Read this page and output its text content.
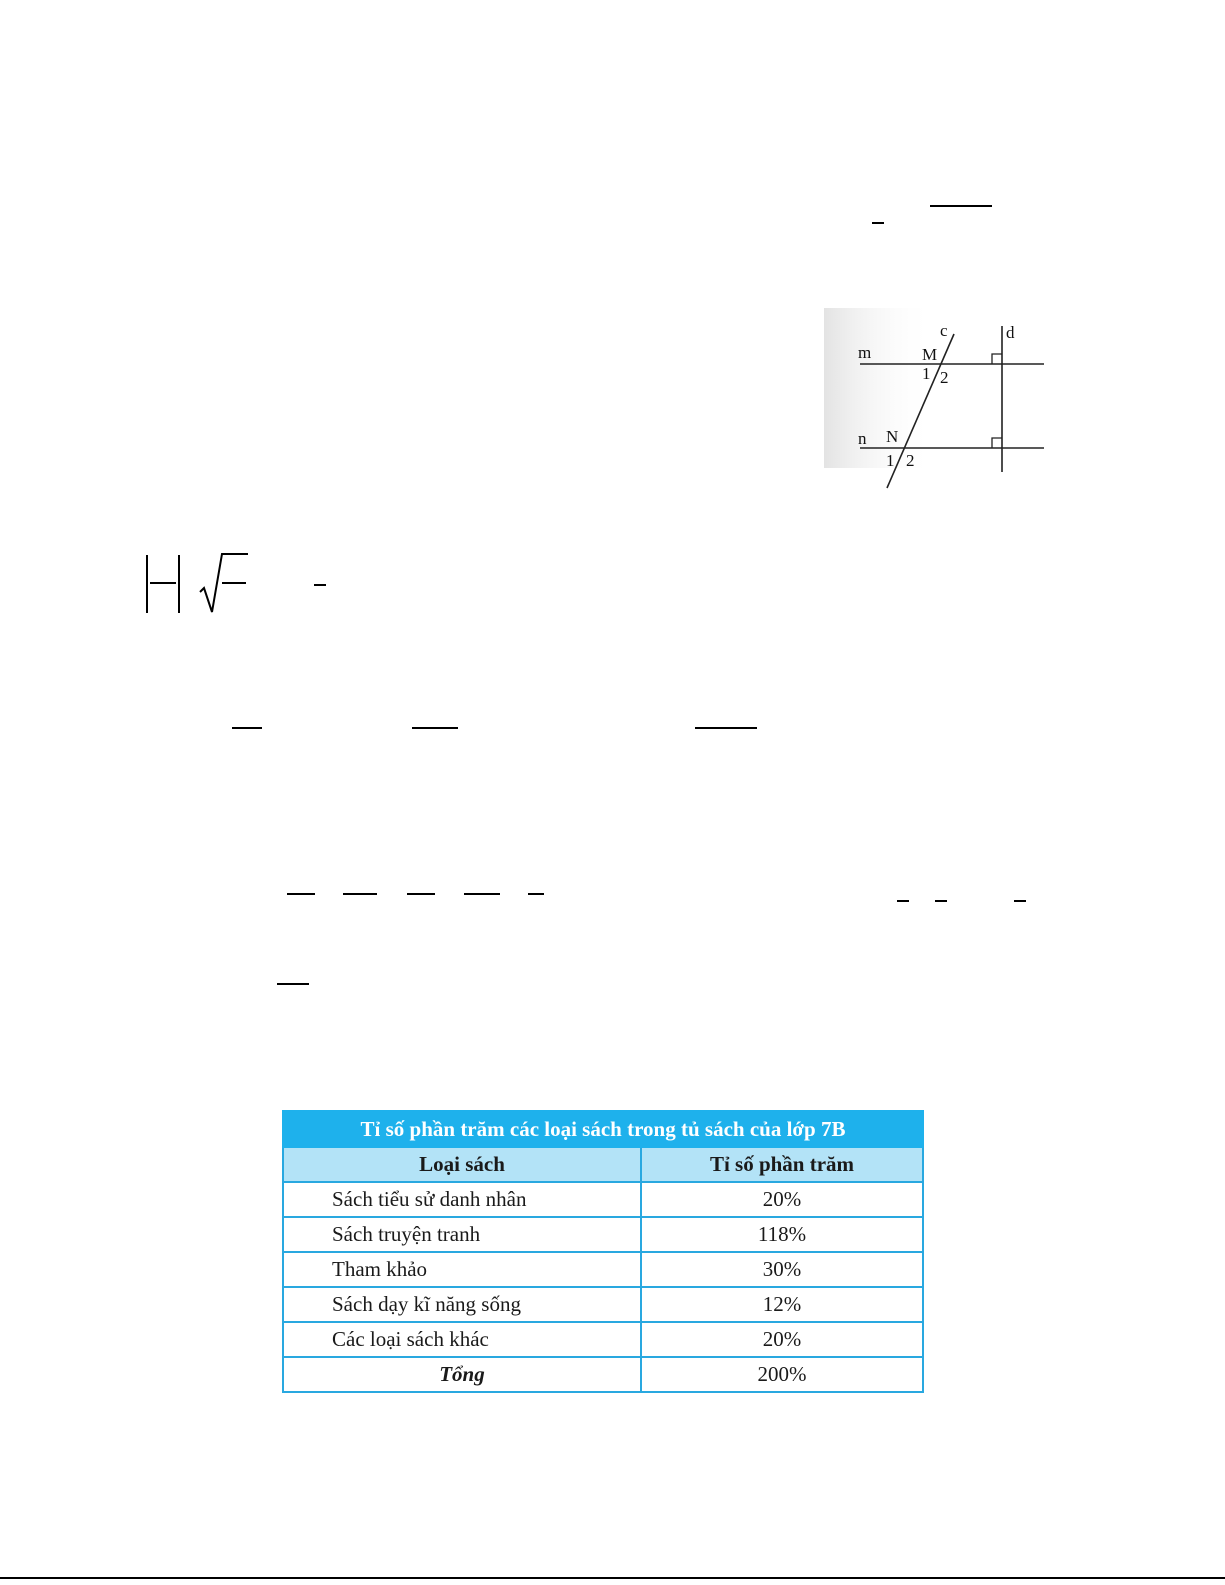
c	d
m	M
1 2
n N
1 2
Tỉ số phần trăm các loại sách trong tủ sách của lớp 7B	
Loại sách	Tỉ số phần trăm
Sách tiểu sử danh nhân	20%
Sách truyện tranh	118%
Tham khảo	30%
Sách dạy kĩ năng sống	12%
Các loại sách khác	20%
Tổng	200%
